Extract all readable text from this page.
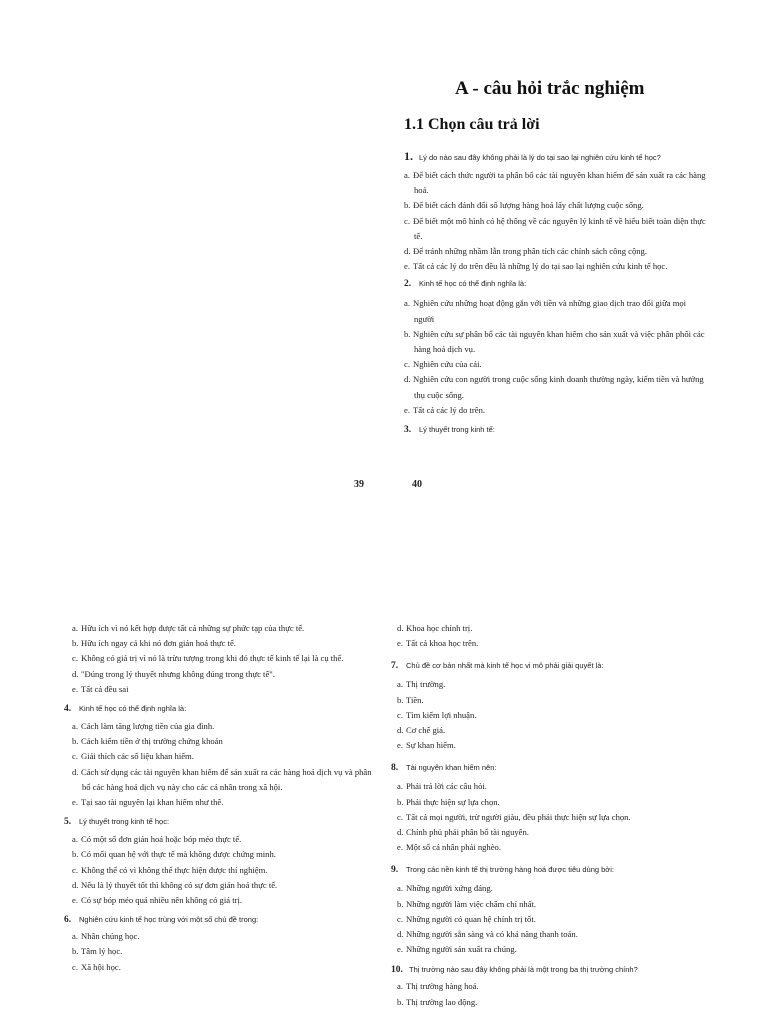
A - câu hỏi trắc nghiệm
1.1 Chọn câu trả lời
1. Lý do nào sau đây không phải là lý do tại sao lại nghiên cứu kinh tế học?
a. Để biết cách thức người ta phân bổ các tài nguyên khan hiếm để sản xuất ra các hàng hoá.
b. Để biết cách đánh đổi số lượng hàng hoá lấy chất lượng cuộc sống.
c. Để biết một mô hình có hệ thống về các nguyên lý kinh tế về hiểu biết toàn diện thực tế.
d. Để tránh những nhầm lẫn trong phân tích các chính sách công cộng.
e. Tất cả các lý do trên đều là những lý do tại sao lại nghiên cứu kinh tế học.
2. Kinh tế học có thể định nghĩa là:
a. Nghiên cứu những hoạt động gắn với tiền và những giao dịch trao đổi giữa mọi người
b. Nghiên cứu sự phân bổ các tài nguyên khan hiếm cho sản xuất và việc phân phối các hàng hoá dịch vụ.
c. Nghiên cứu của cải.
d. Nghiên cứu con người trong cuộc sống kinh doanh thường ngày, kiếm tiền và hưởng thụ cuộc sống.
e. Tất cả các lý do trên.
3. Lý thuyết trong kinh tế:
39	40
a. Hữu ích vì nó kết hợp được tất cả những sự phức tạp của thực tế.
b. Hữu ích ngay cả khi nó đơn giản hoá thực tế.
c. Không có giá trị vì nó là trừu tượng trong khi đó thực tế kinh tế lại là cụ thể.
d. "Đúng trong lý thuyết nhưng không đúng trong thực tế".
e. Tất cả đều sai
4. Kinh tế học có thể định nghĩa là:
a. Cách làm tăng lượng tiền của gia đình.
b. Cách kiếm tiền ở thị trường chứng khoán
c. Giải thích các số liệu khan hiếm.
d. Cách sử dụng các tài nguyên khan hiếm để sản xuất ra các hàng hoá dịch vụ và phân bổ các hàng hoá dịch vụ này cho các cá nhân trong xã hội.
e. Tại sao tài nguyên lại khan hiếm như thế.
5. Lý thuyết trong kinh tế học:
a. Có một số đơn giản hoá hoặc bóp méo thực tế.
b. Có mối quan hệ với thực tế mà không được chứng minh.
c. Không thể có vì không thể thực hiện được thí nghiệm.
d. Nếu là lý thuyết tốt thì không có sự đơn giản hoá thực tế.
e. Có sự bóp méo quá nhiều nên không có giá trị.
6. Nghiên cứu kinh tế học trùng với một số chủ đề trong:
a. Nhân chủng học.
b. Tâm lý học.
c. Xã hội học.
d. Khoa học chính trị.
e. Tất cả khoa học trên.
7. Chủ đề cơ bản nhất mà kinh tế học vi mô phải giải quyết là:
a. Thị trường.
b. Tiền.
c. Tìm kiếm lợi nhuận.
d. Cơ chế giá.
e. Sự khan hiếm.
8. Tài nguyên khan hiếm nên:
a. Phải trả lời các câu hỏi.
b. Phải thực hiện sự lựa chọn.
c. Tất cả mọi người, trừ người giàu, đều phải thực hiện sự lựa chọn.
d. Chính phủ phải phân bổ tài nguyên.
e. Một số cá nhân phải nghèo.
9. Trong các nền kinh tế thị trường hàng hoá được tiêu dùng bởi:
a. Những người xứng đáng.
b. Những người làm việc chăm chỉ nhất.
c. Những người có quan hệ chính trị tốt.
d. Những người sẵn sàng và có khả năng thanh toán.
e. Những người sản xuất ra chúng.
10. Thị trường nào sau đây không phải là một trong ba thị trường chính?
a. Thị trường hàng hoá.
b. Thị trường lao động.
